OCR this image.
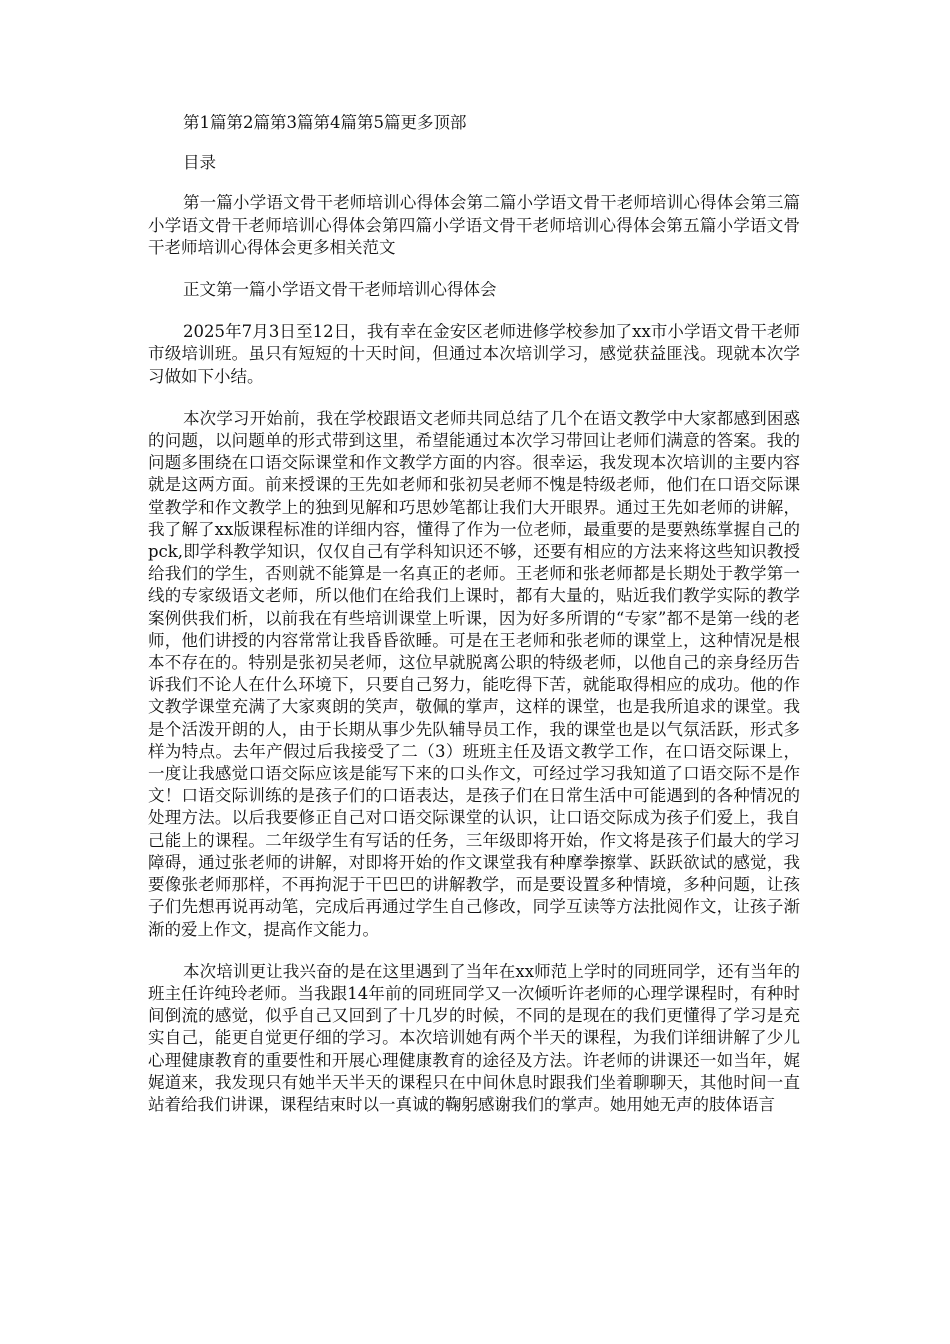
第1篇第2篇第3篇第4篇第5篇更多顶部

目录

第一篇小学语文骨干老师培训心得体会第二篇小学语文骨干老师培训心得体会第三篇小学语文骨干老师培训心得体会第四篇小学语文骨干老师培训心得体会第五篇小学语文骨干老师培训心得体会更多相关范文

正文第一篇小学语文骨干老师培训心得体会

2025年7月3日至12日，我有幸在金安区老师进修学校参加了xx市小学语文骨干老师市级培训班。虽只有短短的十天时间，但通过本次培训学习，感觉获益匪浅。现就本次学习做如下小结。

本次学习开始前，我在学校跟语文老师共同总结了几个在语文教学中大家都感到困惑的问题，以问题单的形式带到这里，希望能通过本次学习带回让老师们满意的答案。我的问题多围绕在口语交际课堂和作文教学方面的内容。很幸运，我发现本次培训的主要内容就是这两方面。前来授课的王先如老师和张初吴老师不愧是特级老师，他们在口语交际课堂教学和作文教学上的独到见解和巧思妙笔都让我们大开眼界。通过王先如老师的讲解，我了解了xx版课程标准的详细内容，懂得了作为一位老师，最重要的是要熟练掌握自己的pck,即学科教学知识，仅仅自己有学科知识还不够，还要有相应的方法来将这些知识教授给我们的学生，否则就不能算是一名真正的老师。王老师和张老师都是长期处于教学第一线的专家级语文老师，所以他们在给我们上课时，都有大量的，贴近我们教学实际的教学案例供我们析，以前我在有些培训课堂上听课，因为好多所谓的“专家”都不是第一线的老师，他们讲授的内容常常让我昏昏欲睡。可是在王老师和张老师的课堂上，这种情况是根本不存在的。特别是张初吴老师，这位早就脱离公职的特级老师，以他自己的亲身经历告诉我们不论人在什么环境下，只要自己努力，能吃得下苦，就能取得相应的成功。他的作文教学课堂充满了大家爽朗的笑声，敬佩的掌声，这样的课堂，也是我所追求的课堂。我是个活泼开朗的人，由于长期从事少先队辅导员工作，我的课堂也是以气氛活跃，形式多样为特点。去年产假过后我接受了二（3）班班主任及语文教学工作，在口语交际课上，一度让我感觉口语交际应该是能写下来的口头作文，可经过学习我知道了口语交际不是作文！口语交际训练的是孩子们的口语表达，是孩子们在日常生活中可能遇到的各种情况的处理方法。以后我要修正自己对口语交际课堂的认识，让口语交际成为孩子们爱上，我自己能上的课程。二年级学生有写话的任务，三年级即将开始，作文将是孩子们最大的学习障碍，通过张老师的讲解，对即将开始的作文课堂我有种摩拳擦掌、跃跃欲试的感觉，我要像张老师那样，不再拘泥于干巴巴的讲解教学，而是要设置多种情境，多种问题，让孩子们先想再说再动笔，完成后再通过学生自己修改，同学互读等方法批阅作文，让孩子渐渐的爱上作文，提高作文能力。

本次培训更让我兴奋的是在这里遇到了当年在xx师范上学时的同班同学，还有当年的班主任许纯玲老师。当我跟14年前的同班同学又一次倾听许老师的心理学课程时，有种时间倒流的感觉，似乎自己又回到了十几岁的时候，不同的是现在的我们更懂得了学习是充实自己，能更自觉更仔细的学习。本次培训她有两个半天的课程，为我们详细讲解了少儿心理健康教育的重要性和开展心理健康教育的途径及方法。许老师的讲课还一如当年，娓娓道来，我发现只有她半天半天的课程只在中间休息时跟我们坐着聊聊天，其他时间一直站着给我们讲课，课程结束时以一真诚的鞠躬感谢我们的掌声。她用她无声的肢体语言
